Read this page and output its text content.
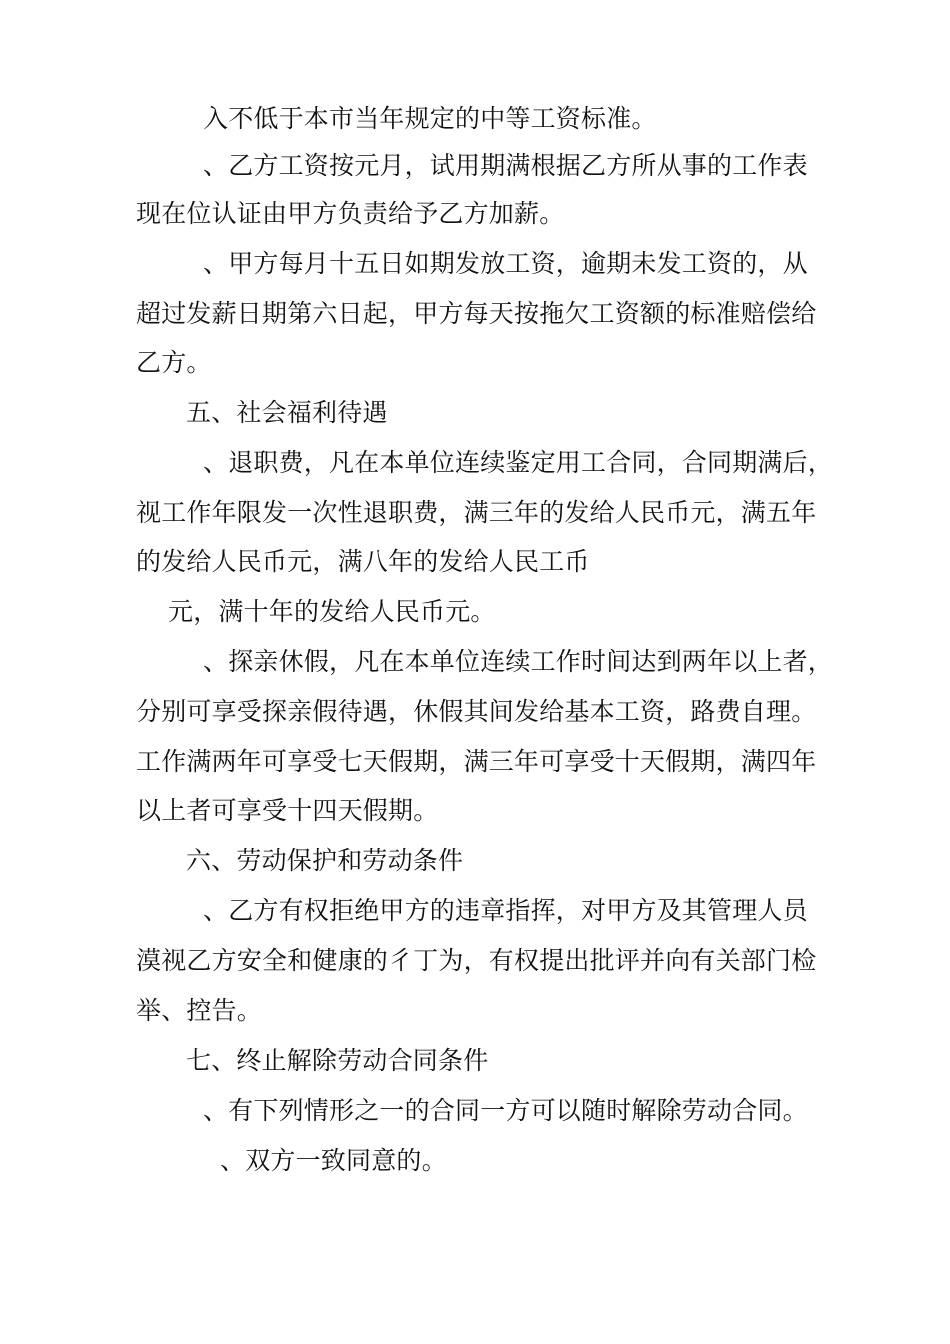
入不低于本市当年规定的中等工资标准。
、乙方工资按元月，试用期满根据乙方所从事的工作表
现在位认证由甲方负责给予乙方加薪。
、甲方每月十五日如期发放工资，逾期未发工资的，从
超过发薪日期第六日起，甲方每天按拖欠工资额的标准赔偿给
乙方。
五、社会福利待遇
、退职费，凡在本单位连续鉴定用工合同，合同期满后，
视工作年限发一次性退职费，满三年的发给人民币元，满五年
的发给人民币元，满八年的发给人民工币
元，满十年的发给人民币元。
、探亲休假，凡在本单位连续工作时间达到两年以上者，
分别可享受探亲假待遇，休假其间发给基本工资，路费自理。
工作满两年可享受七天假期，满三年可享受十天假期，满四年
以上者可享受十四天假期。
六、劳动保护和劳动条件
、乙方有权拒绝甲方的违章指挥，对甲方及其管理人员
漠视乙方安全和健康的彳丁为，有权提出批评并向有关部门检
举、控告。
七、终止解除劳动合同条件
、有下列情形之一的合同一方可以随时解除劳动合同。
、双方一致同意的。
